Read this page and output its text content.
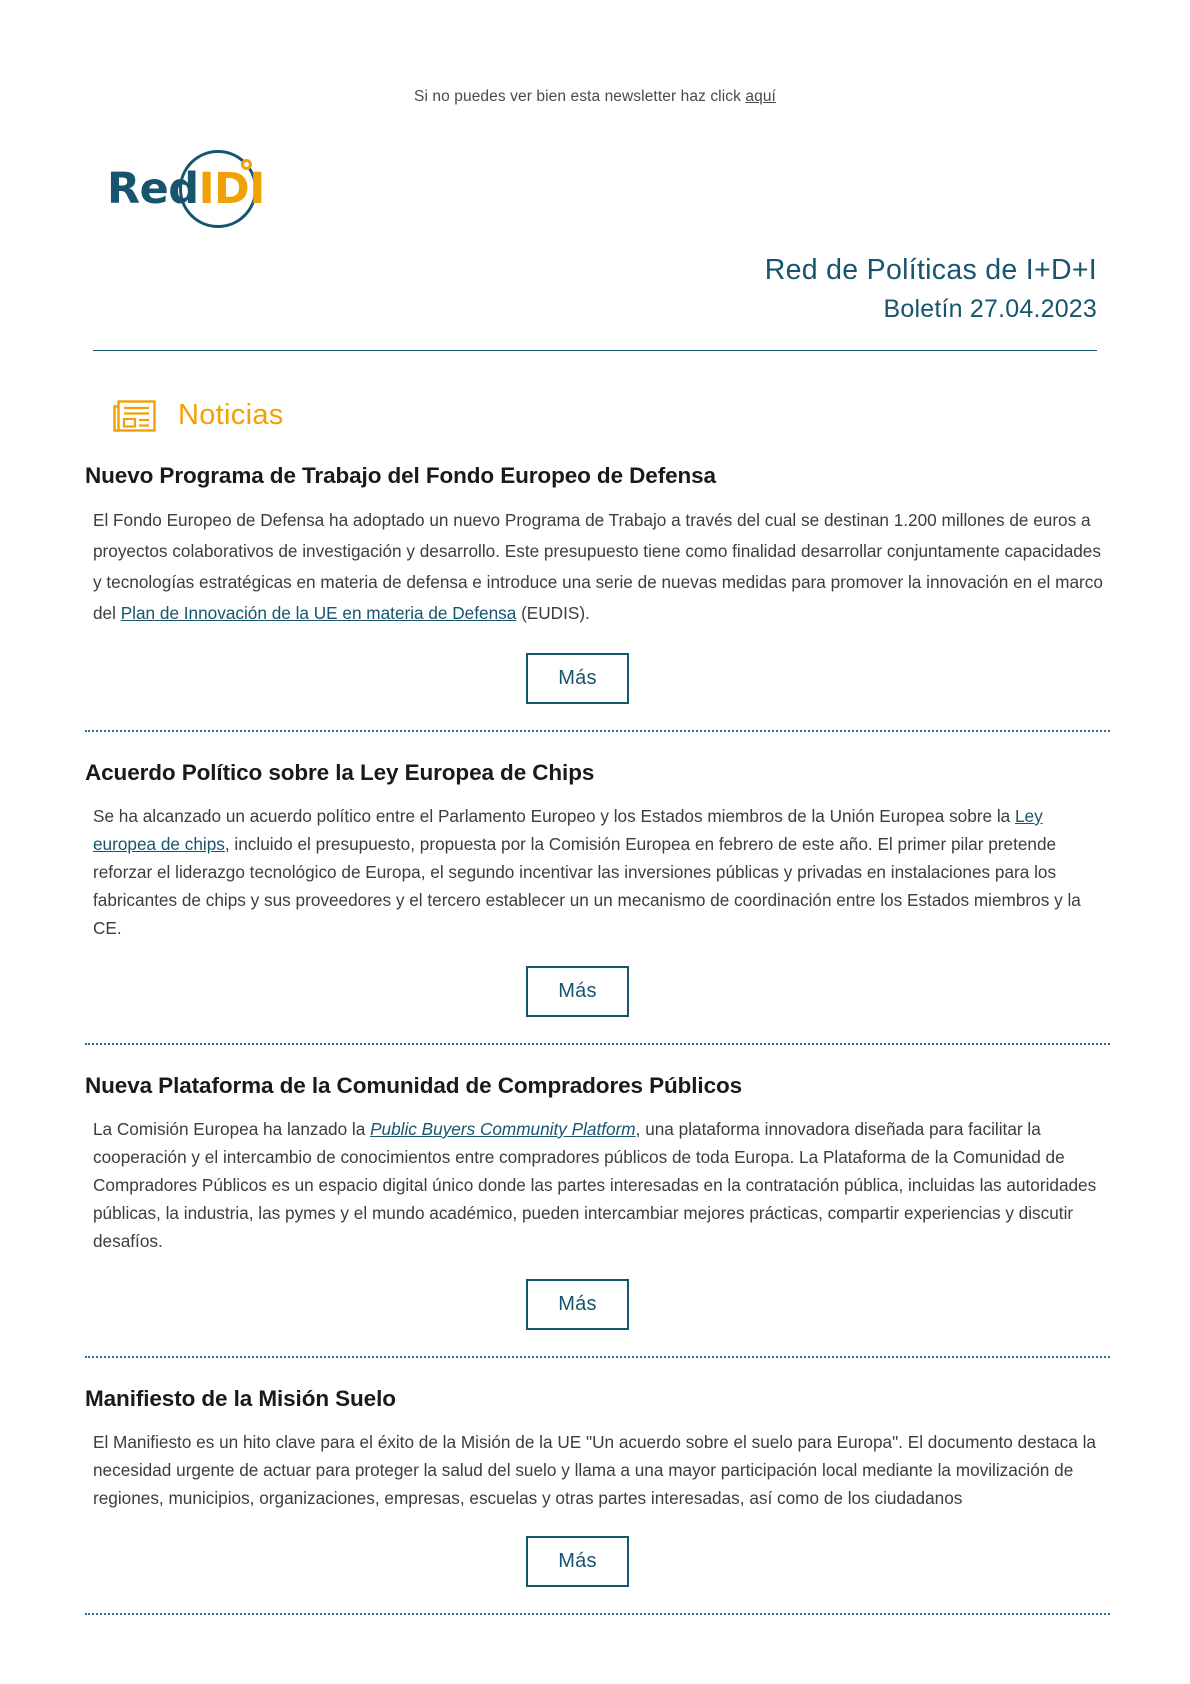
Si no puedes ver bien esta newsletter haz click aquí
RedIDI
Red de Políticas de I+D+I
Boletín 27.04.2023
Noticias
Nuevo Programa de Trabajo del Fondo Europeo de Defensa

El Fondo Europeo de Defensa ha adoptado un nuevo Programa de Trabajo a través del cual se destinan 1.200 millones de euros a proyectos colaborativos de investigación y desarrollo. Este presupuesto tiene como finalidad desarrollar conjuntamente capacidades y tecnologías estratégicas en materia de defensa e introduce una serie de nuevas medidas para promover la innovación en el marco del Plan de Innovación de la UE en materia de Defensa (EUDIS).

Más
Acuerdo Político sobre la Ley Europea de Chips

Se ha alcanzado un acuerdo político entre el Parlamento Europeo y los Estados miembros de la Unión Europea sobre la Ley europea de chips, incluido el presupuesto, propuesta por la Comisión Europea en febrero de este año. El primer pilar pretende reforzar el liderazgo tecnológico de Europa, el segundo incentivar las inversiones públicas y privadas en instalaciones para los fabricantes de chips y sus proveedores y el tercero establecer un un mecanismo de coordinación entre los Estados miembros y la CE.

Más
Nueva Plataforma de la Comunidad de Compradores Públicos

La Comisión Europea ha lanzado la Public Buyers Community Platform, una plataforma innovadora diseñada para facilitar la cooperación y el intercambio de conocimientos entre compradores públicos de toda Europa. La Plataforma de la Comunidad de Compradores Públicos es un espacio digital único donde las partes interesadas en la contratación pública, incluidas las autoridades públicas, la industria, las pymes y el mundo académico, pueden intercambiar mejores prácticas, compartir experiencias y discutir desafíos.

Más
Manifiesto de la Misión Suelo

El Manifiesto es un hito clave para el éxito de la Misión de la UE "Un acuerdo sobre el suelo para Europa". El documento destaca la necesidad urgente de actuar para proteger la salud del suelo y llama a una mayor participación local mediante la movilización de regiones, municipios, organizaciones, empresas, escuelas y otras partes interesadas, así como de los ciudadanos

Más
